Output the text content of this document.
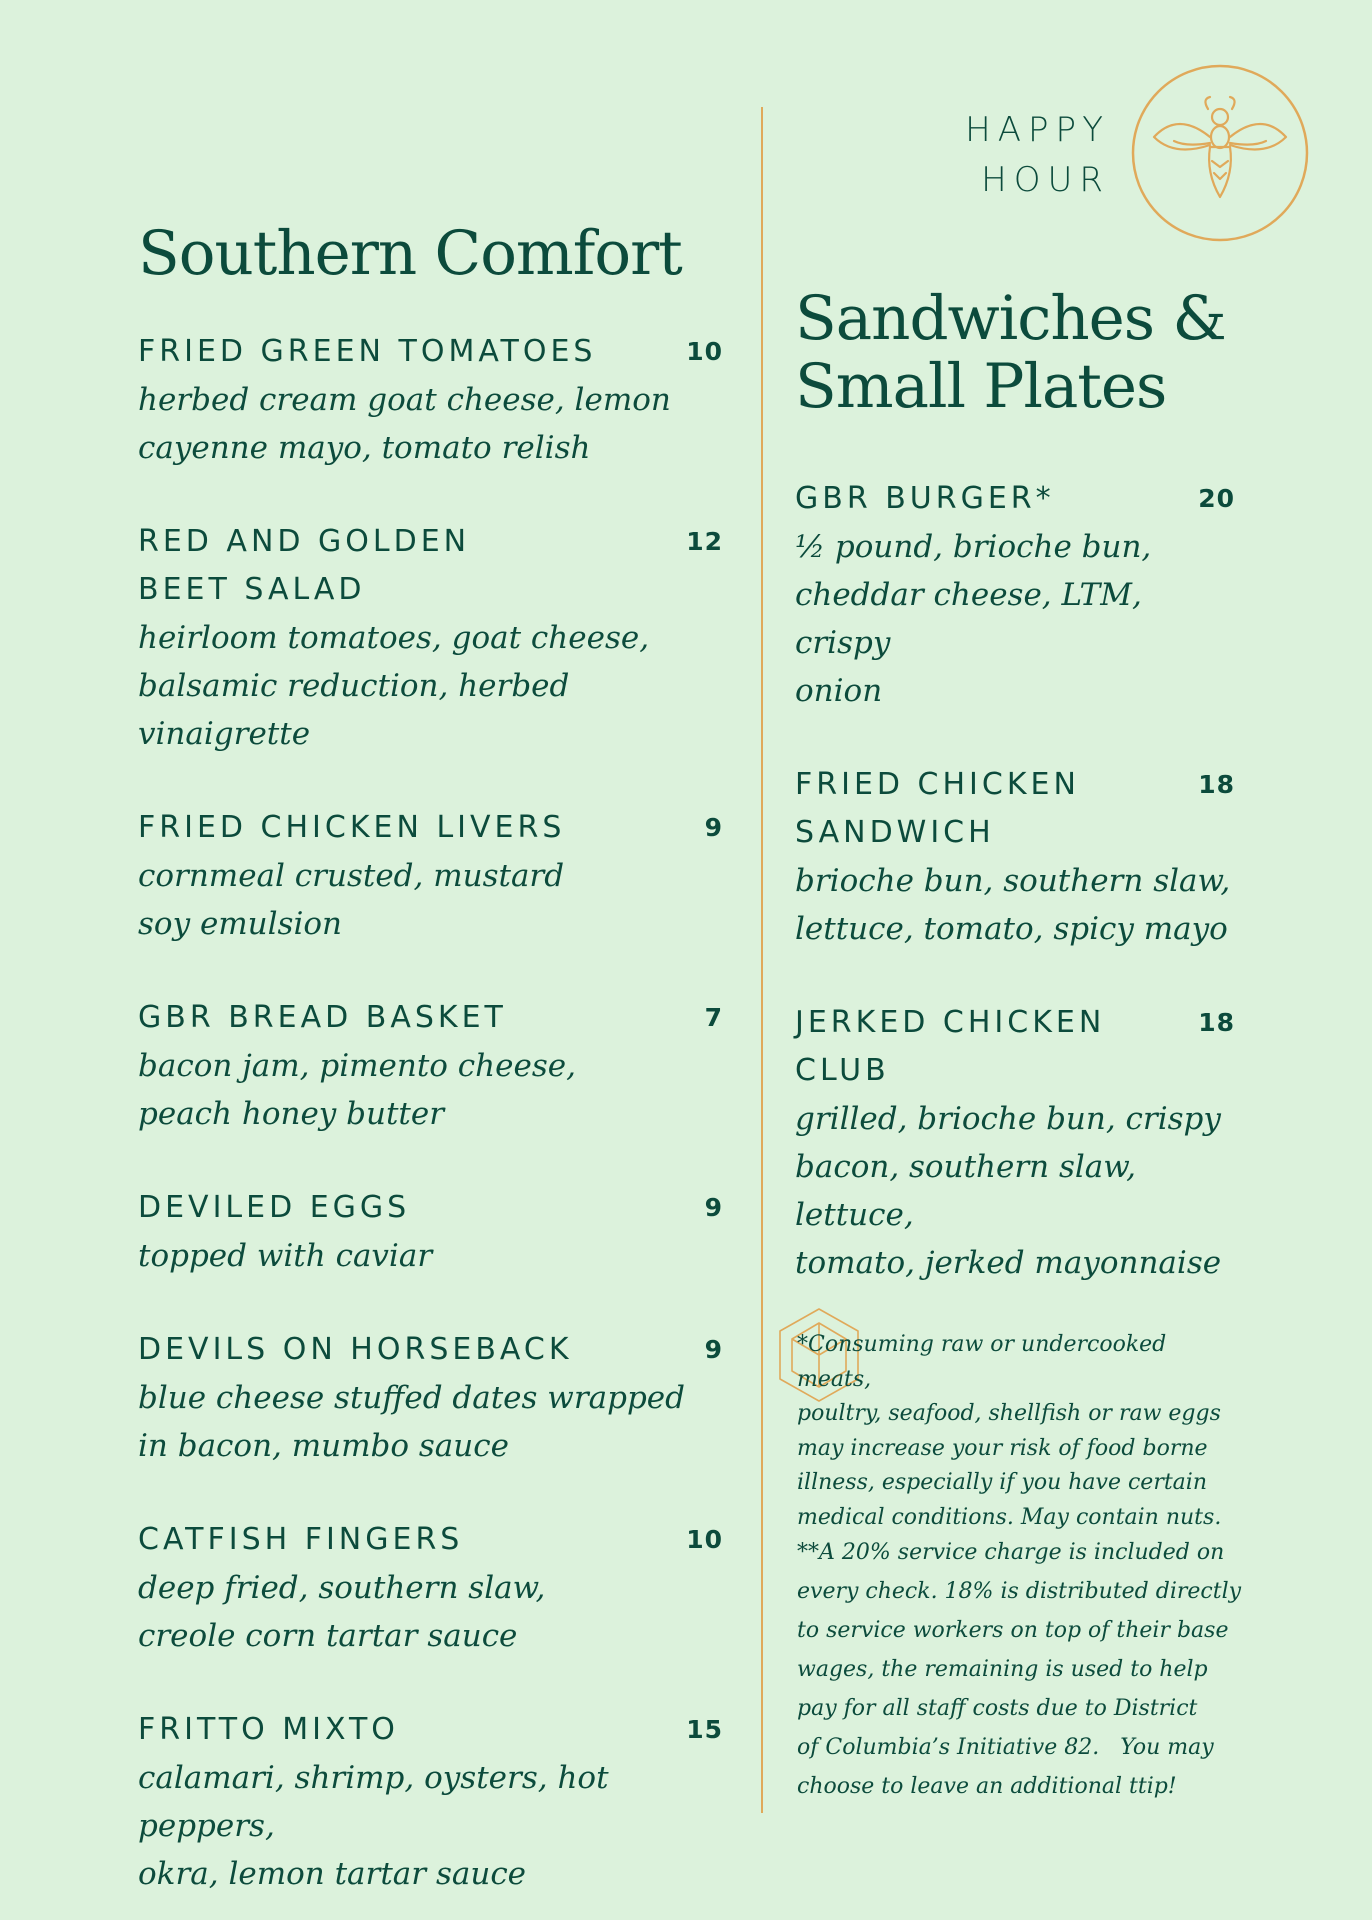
HAPPY
HOUR
Southern Comfort
FRIED GREEN TOMATOES	10

herbed cream goat cheese, lemon
cayenne mayo, tomato relish

RED AND GOLDEN
BEET SALAD
12

heirloom tomatoes, goat cheese,
balsamic reduction, herbed vinaigrette

FRIED CHICKEN LIVERS	9

cornmeal crusted, mustard
soy emulsion

GBR BREAD BASKET	7

bacon jam, pimento cheese,
peach honey butter

DEVILED EGGS	9

topped with caviar

DEVILS ON HORSEBACK	9

blue cheese stuffed dates wrapped
in bacon, mumbo sauce

CATFISH FINGERS	10

deep fried, southern slaw,
creole corn tartar sauce

FRITTO MIXTO	15

calamari, shrimp, oysters, hot peppers,
okra, lemon tartar sauce

Sandwiches &
Small Plates
GBR BURGER*	20

½ pound, brioche bun,
cheddar cheese, LTM, crispy
onion

FRIED CHICKEN
SANDWICH
18

brioche bun, southern slaw,
lettuce, tomato, spicy mayo

JERKED CHICKEN
CLUB
18

grilled, brioche bun, crispy
bacon, southern slaw, lettuce,
tomato, jerked mayonnaise

*Consuming raw or undercooked meats,
poultry, seafood, shellfish or raw eggs
may increase your risk of food borne
illness, especially if you have certain
medical conditions. May contain nuts.

**A 20% service charge is included on
every check. 18% is distributed directly
to service workers on top of their base
wages, the remaining is used to help
pay for all staff costs due to District
of Columbia’s Initiative 82.   You may
choose to leave an additional ttip!
